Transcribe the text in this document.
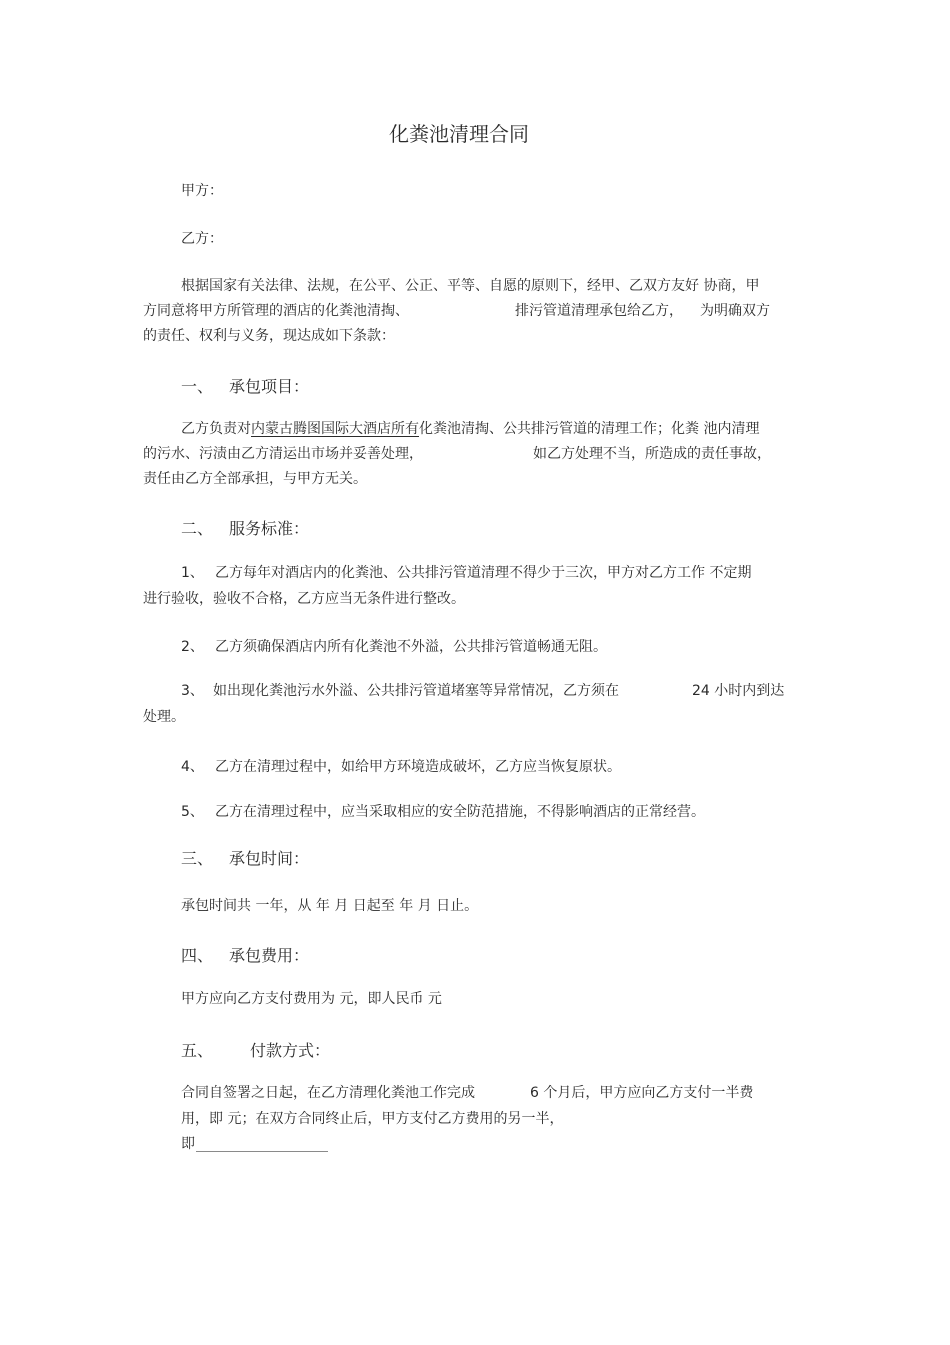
化粪池清理合同
甲方：
乙方：
根据国家有关法律、法规，在公平、公正、平等、自愿的原则下，经甲、乙双方友好 协商，甲
方同意将甲方所管理的酒店的化粪池清掏、	排污管道清理承包给乙方， 为明确双方
的责任、权利与义务，现达成如下条款：
一、 承包项目：
乙方负责对内蒙古腾图国际大酒店所有化粪池清掏、公共排污管道的清理工作；化粪 池内清理
的污水、污渍由乙方清运出市场并妥善处理，	如乙方处理不当，所造成的责任事故，
责任由乙方全部承担，与甲方无关。
二、 服务标准：
1、 乙方每年对酒店内的化粪池、公共排污管道清理不得少于三次，甲方对乙方工作 不定期
进行验收，验收不合格，乙方应当无条件进行整改。
2、 乙方须确保酒店内所有化粪池不外溢，公共排污管道畅通无阻。
3、 如出现化粪池污水外溢、公共排污管道堵塞等异常情况，乙方须在	24 小时内到达
处理。
4、 乙方在清理过程中，如给甲方环境造成破坏，乙方应当恢复原状。
5、 乙方在清理过程中，应当采取相应的安全防范措施，不得影响酒店的正常经营。
三、 承包时间：
承包时间共 一年，从 年 月 日起至 年 月 日止。
四、 承包费用：
甲方应向乙方支付费用为 元，即人民币 元
五、 付款方式：
合同自签署之日起，在乙方清理化粪池工作完成	6 个月后，甲方应向乙方支付一半费
用，即 元；在双方合同终止后，甲方支付乙方费用的另一半，
即
